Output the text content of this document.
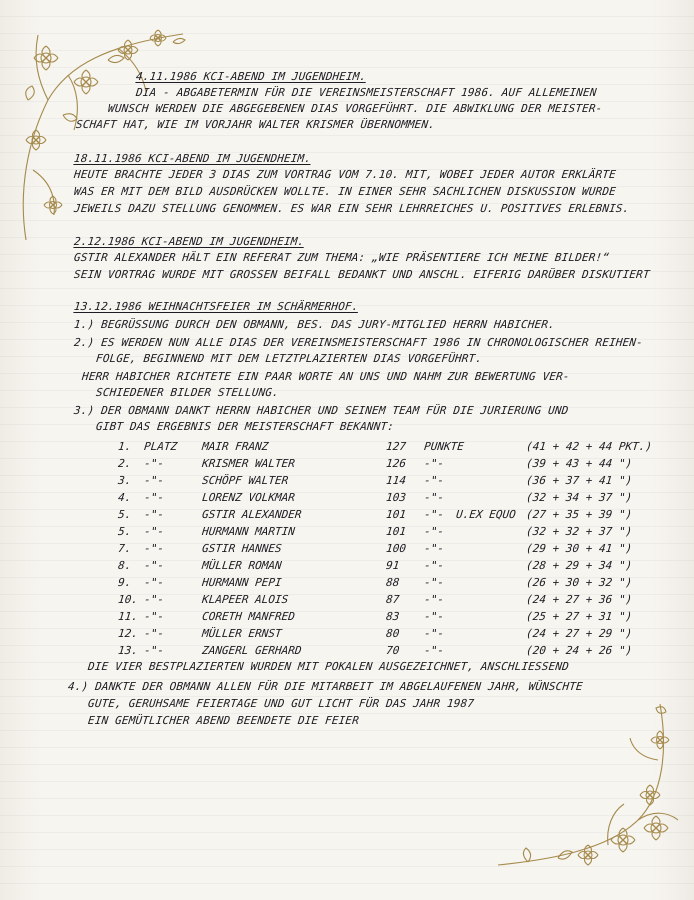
4.11.1986 KCI-ABEND IM JUGENDHEIM.
DIA - ABGABETERMIN FÜR DIE VEREINSMEISTERSCHAFT 1986. AUF ALLEMEINEN
WUNSCH WERDEN DIE ABGEGEBENEN DIAS VORGEFÜHRT. DIE ABWIKLUNG DER MEISTER-
SCHAFT HAT, WIE IM VORJAHR WALTER KRISMER ÜBERNOMMEN.
18.11.1986 KCI-ABEND IM JUGENDHEIM.
HEUTE BRACHTE JEDER 3 DIAS ZUM VORTRAG VOM 7.10. MIT, WOBEI JEDER AUTOR ERKLÄRTE
WAS ER MIT DEM BILD AUSDRÜCKEN WOLLTE. IN EINER SEHR SACHLICHEN DISKUSSION WURDE
JEWEILS DAZU STELLUNG GENOMMEN. ES WAR EIN SEHR LEHRREICHES U. POSITIVES ERLEBNIS.
2.12.1986 KCI-ABEND IM JUGENDHEIM.
GSTIR ALEXANDER HÄLT EIN REFERAT ZUM THEMA: „WIE PRÄSENTIERE ICH MEINE BILDER!“
SEIN VORTRAG WURDE MIT GROSSEN BEIFALL BEDANKT UND ANSCHL. EIFERIG DARÜBER DISKUTIERT
13.12.1986 WEIHNACHTSFEIER IM SCHÄRMERHOF.
1.) BEGRÜSSUNG DURCH DEN OBMANN, BES. DAS JURY-MITGLIED HERRN HABICHER.
2.) ES WERDEN NUN ALLE DIAS DER VEREINSMEISTERSCHAFT 1986 IN CHRONOLOGISCHER REIHEN-
FOLGE, BEGINNEND MIT DEM LETZTPLAZIERTEN DIAS VORGEFÜHRT.
HERR HABICHER RICHTETE EIN PAAR WORTE AN UNS UND NAHM ZUR BEWERTUNG VER-
SCHIEDENER BILDER STELLUNG.
3.) DER OBMANN DANKT HERRN HABICHER UND SEINEM TEAM FÜR DIE JURIERUNG UND
GIBT DAS ERGEBNIS DER MEISTERSCHAFT BEKANNT:
1. PLATZ MAIR FRANZ	127 PUNKTE	(41 + 42 + 44 PKT.)
2. -"-	KRISMER WALTER	126 -"-	(39 + 43 + 44 ")
3. -"-	SCHÖPF WALTER	114 -"-	(36 + 37 + 41 ")
4. -"-	LORENZ VOLKMAR	103 -"-	(32 + 34 + 37 ")
5. -"-	GSTIR ALEXANDER	101 -"- U.EX EQUO (27 + 35 + 39 ")
5. -"-	HURMANN MARTIN	101 -"-	(32 + 32 + 37 ")
7. -"-	GSTIR HANNES	100 -"-	(29 + 30 + 41 ")
8. -"-	MÜLLER ROMAN	91 -"-	(28 + 29 + 34 ")
9. -"-	HURMANN PEPI	88 -"-	(26 + 30 + 32 ")
10. -"-	KLAPEER ALOIS	87 -"-	(24 + 27 + 36 ")
11. -"-	CORETH MANFRED	83 -"-	(25 + 27 + 31 ")
12. -"-	MÜLLER ERNST	80 -"-	(24 + 27 + 29 ")
13. -"-	ZANGERL GERHARD	70 -"-	(20 + 24 + 26 ")
DIE VIER BESTPLAZIERTEN WURDEN MIT POKALEN AUSGEZEICHNET, ANSCHLIESSEND
4.) DANKTE DER OBMANN ALLEN FÜR DIE MITARBEIT IM ABGELAUFENEN JAHR, WÜNSCHTE
GUTE, GERUHSAME FEIERTAGE UND GUT LICHT FÜR DAS JAHR 1987
EIN GEMÜTLICHER ABEND BEENDETE DIE FEIER
